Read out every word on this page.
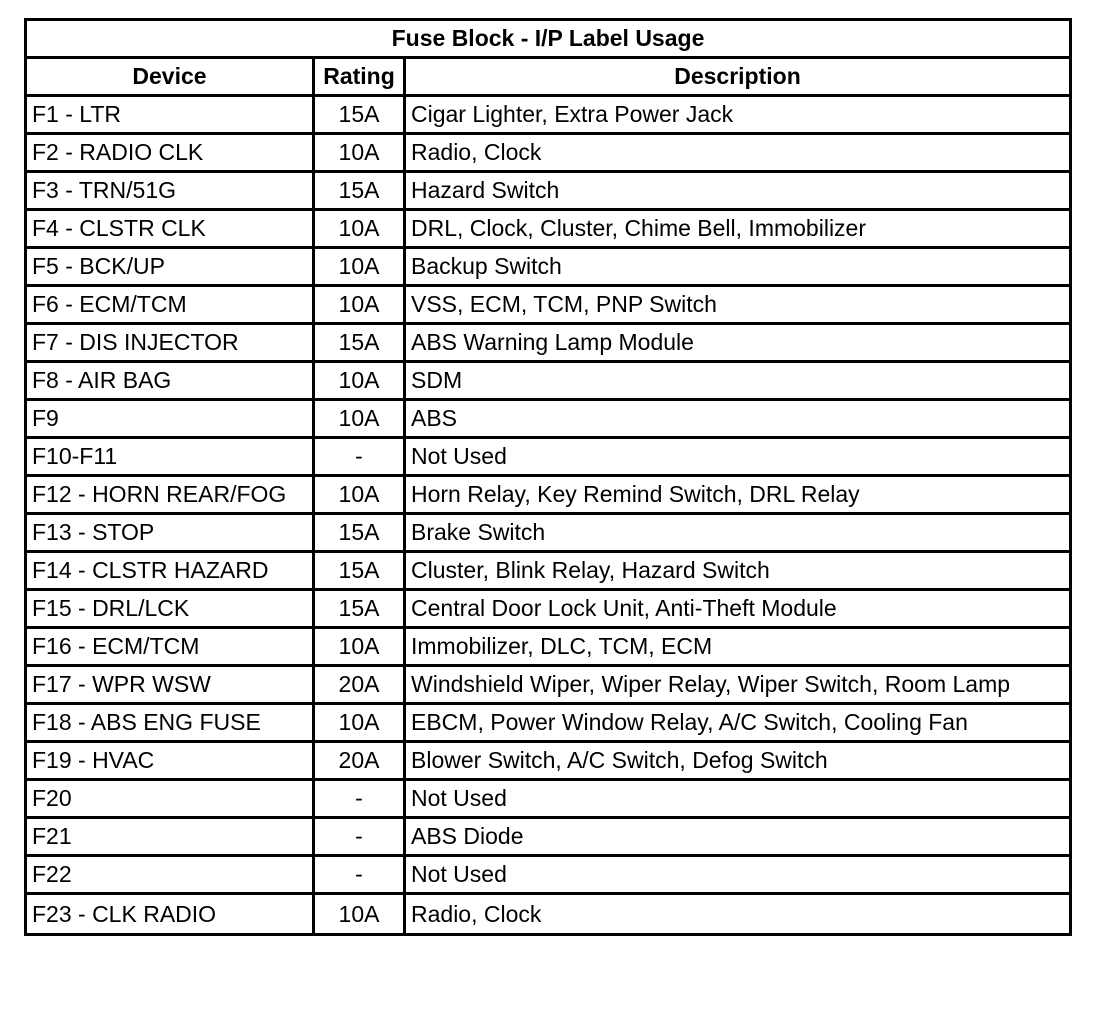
Fuse Block - I/P Label Usage		
Device	Rating	Description
F1 - LTR	15A	Cigar Lighter, Extra Power Jack
F2 - RADIO CLK	10A	Radio, Clock
F3 - TRN/51G	15A	Hazard Switch
F4 - CLSTR CLK	10A	DRL, Clock, Cluster, Chime Bell, Immobilizer
F5 - BCK/UP	10A	Backup Switch
F6 - ECM/TCM	10A	VSS, ECM, TCM, PNP Switch
F7 - DIS INJECTOR	15A	ABS Warning Lamp Module
F8 - AIR BAG	10A	SDM
F9	10A	ABS
F10-F11	-	Not Used
F12 - HORN REAR/FOG	10A	Horn Relay, Key Remind Switch, DRL Relay
F13 - STOP	15A	Brake Switch
F14 - CLSTR HAZARD	15A	Cluster, Blink Relay, Hazard Switch
F15 - DRL/LCK	15A	Central Door Lock Unit, Anti-Theft Module
F16 - ECM/TCM	10A	Immobilizer, DLC, TCM, ECM
F17 - WPR WSW	20A	Windshield Wiper, Wiper Relay, Wiper Switch, Room Lamp
F18 - ABS ENG FUSE	10A	EBCM, Power Window Relay, A/C Switch, Cooling Fan
F19 - HVAC	20A	Blower Switch, A/C Switch, Defog Switch
F20	-	Not Used
F21	-	ABS Diode
F22	-	Not Used
F23 - CLK RADIO	10A	Radio, Clock
